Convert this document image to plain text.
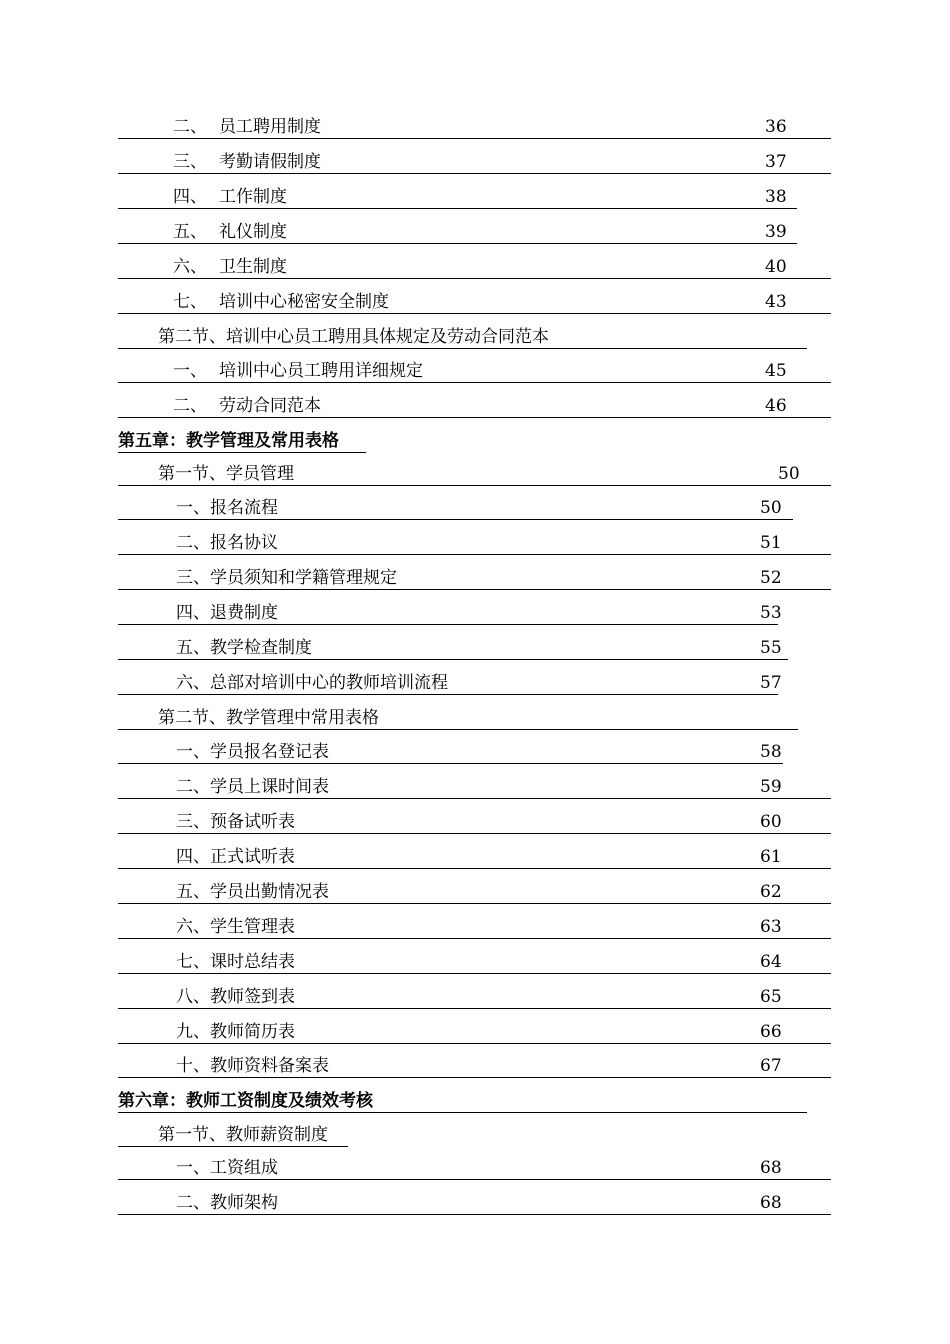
二、 员工聘用制度	36
三、 考勤请假制度	37
四、 工作制度	38
五、 礼仪制度	39
六、 卫生制度	40
七、 培训中心秘密安全制度	43
第二节、培训中心员工聘用具体规定及劳动合同范本
一、 培训中心员工聘用详细规定	45
二、 劳动合同范本	46
第五章：教学管理及常用表格
第一节、学员管理	50
一、报名流程	50
二、报名协议	51
三、学员须知和学籍管理规定	52
四、退费制度	53
五、教学检查制度	55
六、总部对培训中心的教师培训流程	57
第二节、教学管理中常用表格
一、学员报名登记表	58
二、学员上课时间表	59
三、预备试听表	60
四、正式试听表	61
五、学员出勤情况表	62
六、学生管理表	63
七、课时总结表	64
八、教师签到表	65
九、教师简历表	66
十、教师资料备案表	67
第六章：教师工资制度及绩效考核
第一节、教师薪资制度
一、工资组成	68
二、教师架构	68
